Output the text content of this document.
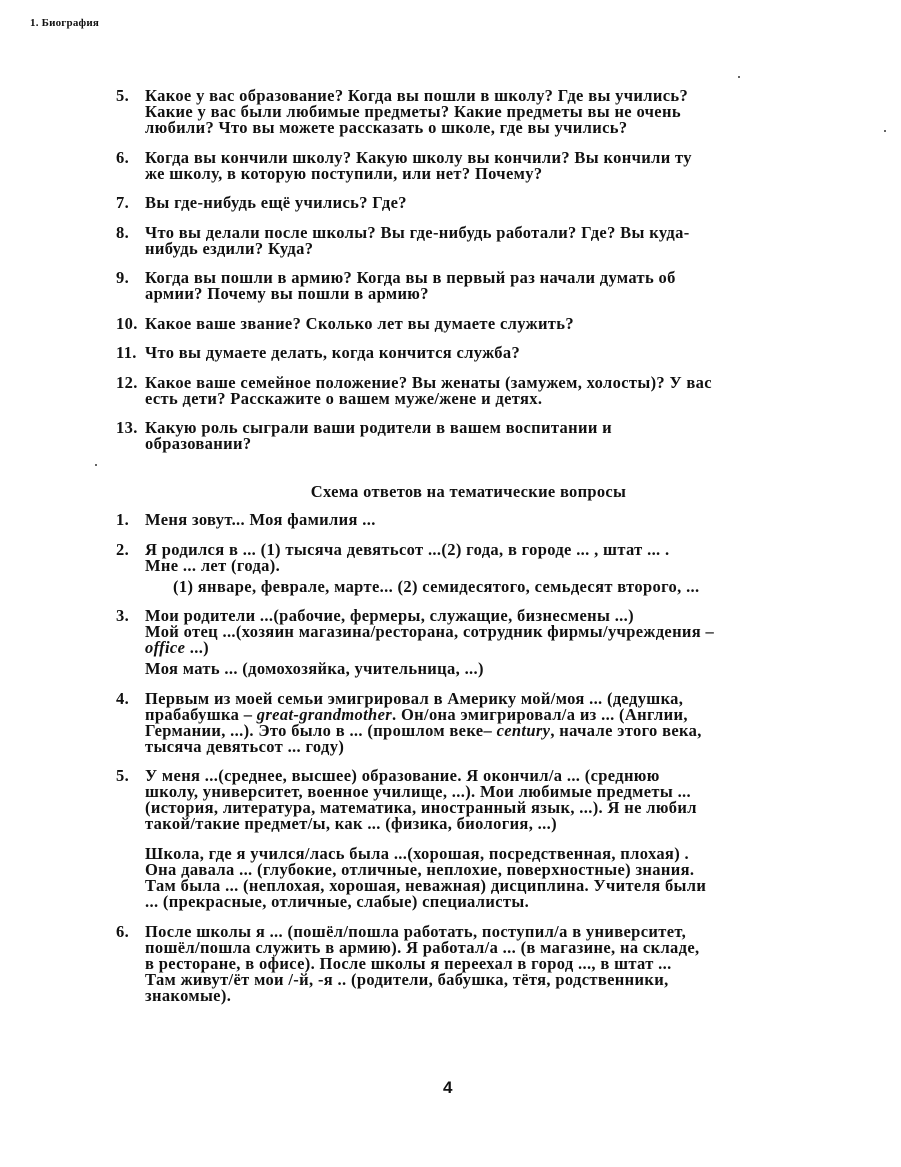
1. Биография
5. Какое у вас образование? Когда вы пошли в школу? Где вы учились?
Какие у вас были любимые предметы? Какие предметы вы не очень
любили? Что вы можете рассказать о школе, где вы учились?
6. Когда вы кончили школу? Какую школу вы кончили? Вы кончили ту
же школу, в которую поступили, или нет? Почему?
7. Вы где-нибудь ещё учились? Где?
8. Что вы делали после школы? Вы где-нибудь работали? Где? Вы куда-
нибудь ездили? Куда?
9. Когда вы пошли в армию? Когда вы в первый раз начали думать об
армии? Почему вы пошли в армию?
10. Какое ваше звание? Сколько лет вы думаете служить?
11. Что вы думаете делать, когда кончится служба?
12. Какое ваше семейное положение? Вы женаты (замужем, холосты)? У вас
есть дети? Расскажите о вашем муже/жене и детях.
13. Какую роль сыграли ваши родители в вашем воспитании и
образовании?
Схема ответов на тематические вопросы
1. Меня зовут... Моя фамилия ...
2. Я родился в ... (1) тысяча девятьсот ...(2) года, в городе ... , штат ... .
Мне ... лет (года).
(1) январе, феврале, марте... (2) семидесятого, семьдесят второго, ...
3. Мои родители ...(рабочие, фермеры, служащие, бизнесмены ...)
Мой отец ...(хозяин магазина/ресторана, сотрудник фирмы/учреждения –
office ...)
Моя мать ... (домохозяйка, учительница, ...)
4. Первым из моей семьи эмигрировал в Америку мой/моя ... (дедушка,
прабабушка – great-grandmother. Он/она эмигрировал/а из ... (Англии,
Германии, ...). Это было в ... (прошлом веке– century, начале этого века,
тысяча девятьсот ... году)
5. У меня ...(среднее, высшее) образование. Я окончил/а ... (среднюю
школу, университет, военное училище, ...). Мои любимые предметы ...
(история, литература, математика, иностранный язык, ...). Я не любил
такой/такие предмет/ы, как ... (физика, биология, ...)
Школа, где я учился/лась была ...(хорошая, посредственная, плохая) .
Она давала ... (глубокие, отличные, неплохие, поверхностные) знания.
Там была ... (неплохая, хорошая, неважная) дисциплина. Учителя были
... (прекрасные, отличные, слабые) специалисты.
6. После школы я ... (пошёл/пошла работать, поступил/а в университет,
пошёл/пошла служить в армию). Я работал/а ... (в магазине, на складе,
в ресторане, в офисе). После школы я переехал в город ..., в штат ...
Там живут/ёт мои /-й, -я .. (родители, бабушка, тётя, родственники,
знакомые).
4
